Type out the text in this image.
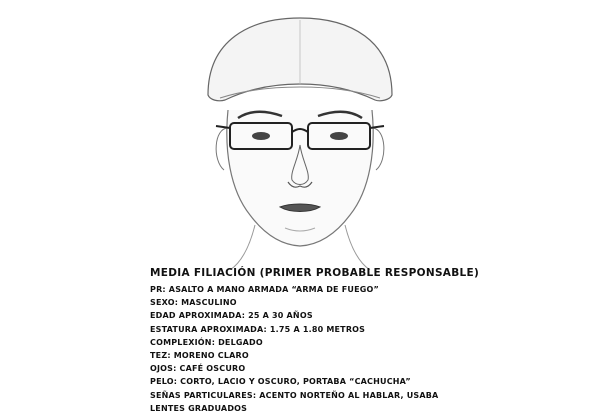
MEDIA FILIACIÓN (PRIMER PROBABLE RESPONSABLE)
PR: ASALTO A MANO ARMADA “ARMA DE FUEGO”
SEXO: MASCULINO
EDAD APROXIMADA: 25 A 30 AÑOS
ESTATURA APROXIMADA: 1.75 A 1.80 METROS
COMPLEXIÓN: DELGADO
TEZ: MORENO CLARO
OJOS: CAFÉ OSCURO
PELO: CORTO, LACIO Y OSCURO, PORTABA “CACHUCHA”
SEÑAS PARTICULARES: ACENTO NORTEÑO AL HABLAR, USABA LENTES GRADUADOS
